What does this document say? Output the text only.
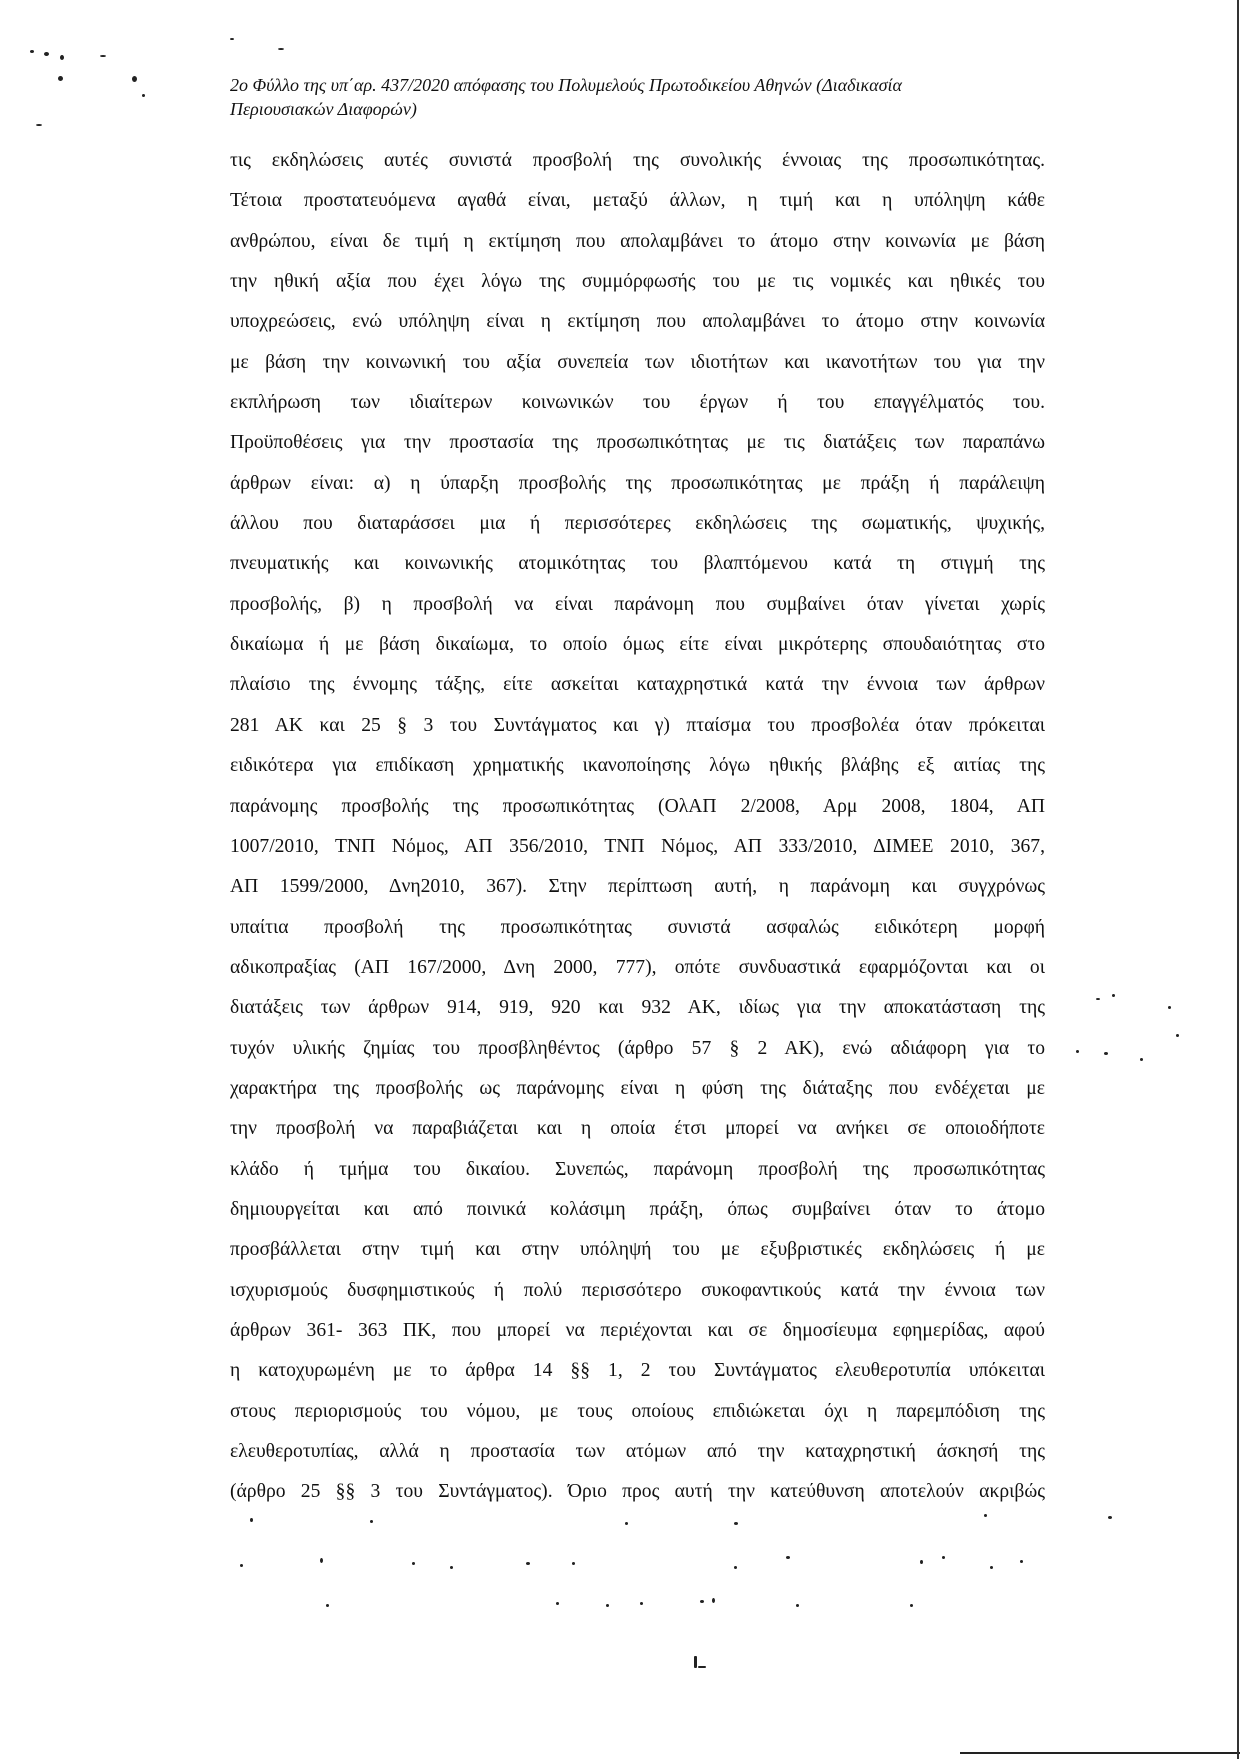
2ο Φύλλο της υπ΄αρ. 437/2020 απόφασης του Πολυμελούς Πρωτοδικείου Αθηνών (Διαδικασία
Περιουσιακών Διαφορών)
τις εκδηλώσεις αυτές συνιστά προσβολή της συνολικής έννοιας της προσωπικότητας.
Τέτοια προστατευόμενα αγαθά είναι, μεταξύ άλλων, η τιμή και η υπόληψη κάθε
ανθρώπου, είναι δε τιμή η εκτίμηση που απολαμβάνει το άτομο στην κοινωνία με βάση
την ηθική αξία που έχει λόγω της συμμόρφωσής του με τις νομικές και ηθικές του
υποχρεώσεις, ενώ υπόληψη είναι η εκτίμηση που απολαμβάνει το άτομο στην κοινωνία
με βάση την κοινωνική του αξία συνεπεία των ιδιοτήτων και ικανοτήτων του για την
εκπλήρωση των ιδιαίτερων κοινωνικών του έργων ή του επαγγέλματός του.
Προϋποθέσεις για την προστασία της προσωπικότητας με τις διατάξεις των παραπάνω
άρθρων είναι: α) η ύπαρξη προσβολής της προσωπικότητας με πράξη ή παράλειψη
άλλου που διαταράσσει μια ή περισσότερες εκδηλώσεις της σωματικής, ψυχικής,
πνευματικής και κοινωνικής ατομικότητας του βλαπτόμενου κατά τη στιγμή της
προσβολής, β) η προσβολή να είναι παράνομη που συμβαίνει όταν γίνεται χωρίς
δικαίωμα ή με βάση δικαίωμα, το οποίο όμως είτε είναι μικρότερης σπουδαιότητας στο
πλαίσιο της έννομης τάξης, είτε ασκείται καταχρηστικά κατά την έννοια των άρθρων
281 ΑΚ και 25 § 3 του Συντάγματος και γ) πταίσμα του προσβολέα όταν πρόκειται
ειδικότερα για επιδίκαση χρηματικής ικανοποίησης λόγω ηθικής βλάβης εξ αιτίας της
παράνομης προσβολής της προσωπικότητας (ΟλΑΠ 2/2008, Αρμ 2008, 1804, ΑΠ
1007/2010, ΤΝΠ Νόμος, ΑΠ 356/2010, ΤΝΠ Νόμος, ΑΠ 333/2010, ΔΙΜΕΕ 2010, 367,
ΑΠ 1599/2000, Δνη2010, 367). Στην περίπτωση αυτή, η παράνομη και συγχρόνως
υπαίτια προσβολή της προσωπικότητας συνιστά ασφαλώς ειδικότερη μορφή
αδικοπραξίας (ΑΠ 167/2000, Δνη 2000, 777), οπότε συνδυαστικά εφαρμόζονται και οι
διατάξεις των άρθρων 914, 919, 920 και 932 ΑΚ, ιδίως για την αποκατάσταση της
τυχόν υλικής ζημίας του προσβληθέντος (άρθρο 57 § 2 ΑΚ), ενώ αδιάφορη για το
χαρακτήρα της προσβολής ως παράνομης είναι η φύση της διάταξης που ενδέχεται με
την προσβολή να παραβιάζεται και η οποία έτσι μπορεί να ανήκει σε οποιοδήποτε
κλάδο ή τμήμα του δικαίου. Συνεπώς, παράνομη προσβολή της προσωπικότητας
δημιουργείται και από ποινικά κολάσιμη πράξη, όπως συμβαίνει όταν το άτομο
προσβάλλεται στην τιμή και στην υπόληψή του με εξυβριστικές εκδηλώσεις ή με
ισχυρισμούς δυσφημιστικούς ή πολύ περισσότερο συκοφαντικούς κατά την έννοια των
άρθρων 361- 363 ΠΚ, που μπορεί να περιέχονται και σε δημοσίευμα εφημερίδας, αφού
η κατοχυρωμένη με το άρθρα 14 §§ 1, 2 του Συντάγματος ελευθεροτυπία υπόκειται
στους περιορισμούς του νόμου, με τους οποίους επιδιώκεται όχι η παρεμπόδιση της
ελευθεροτυπίας, αλλά η προστασία των ατόμων από την καταχρηστική άσκησή της
(άρθρο 25 §§ 3 του Συντάγματος). Όριο προς αυτή την κατεύθυνση αποτελούν ακριβώς
